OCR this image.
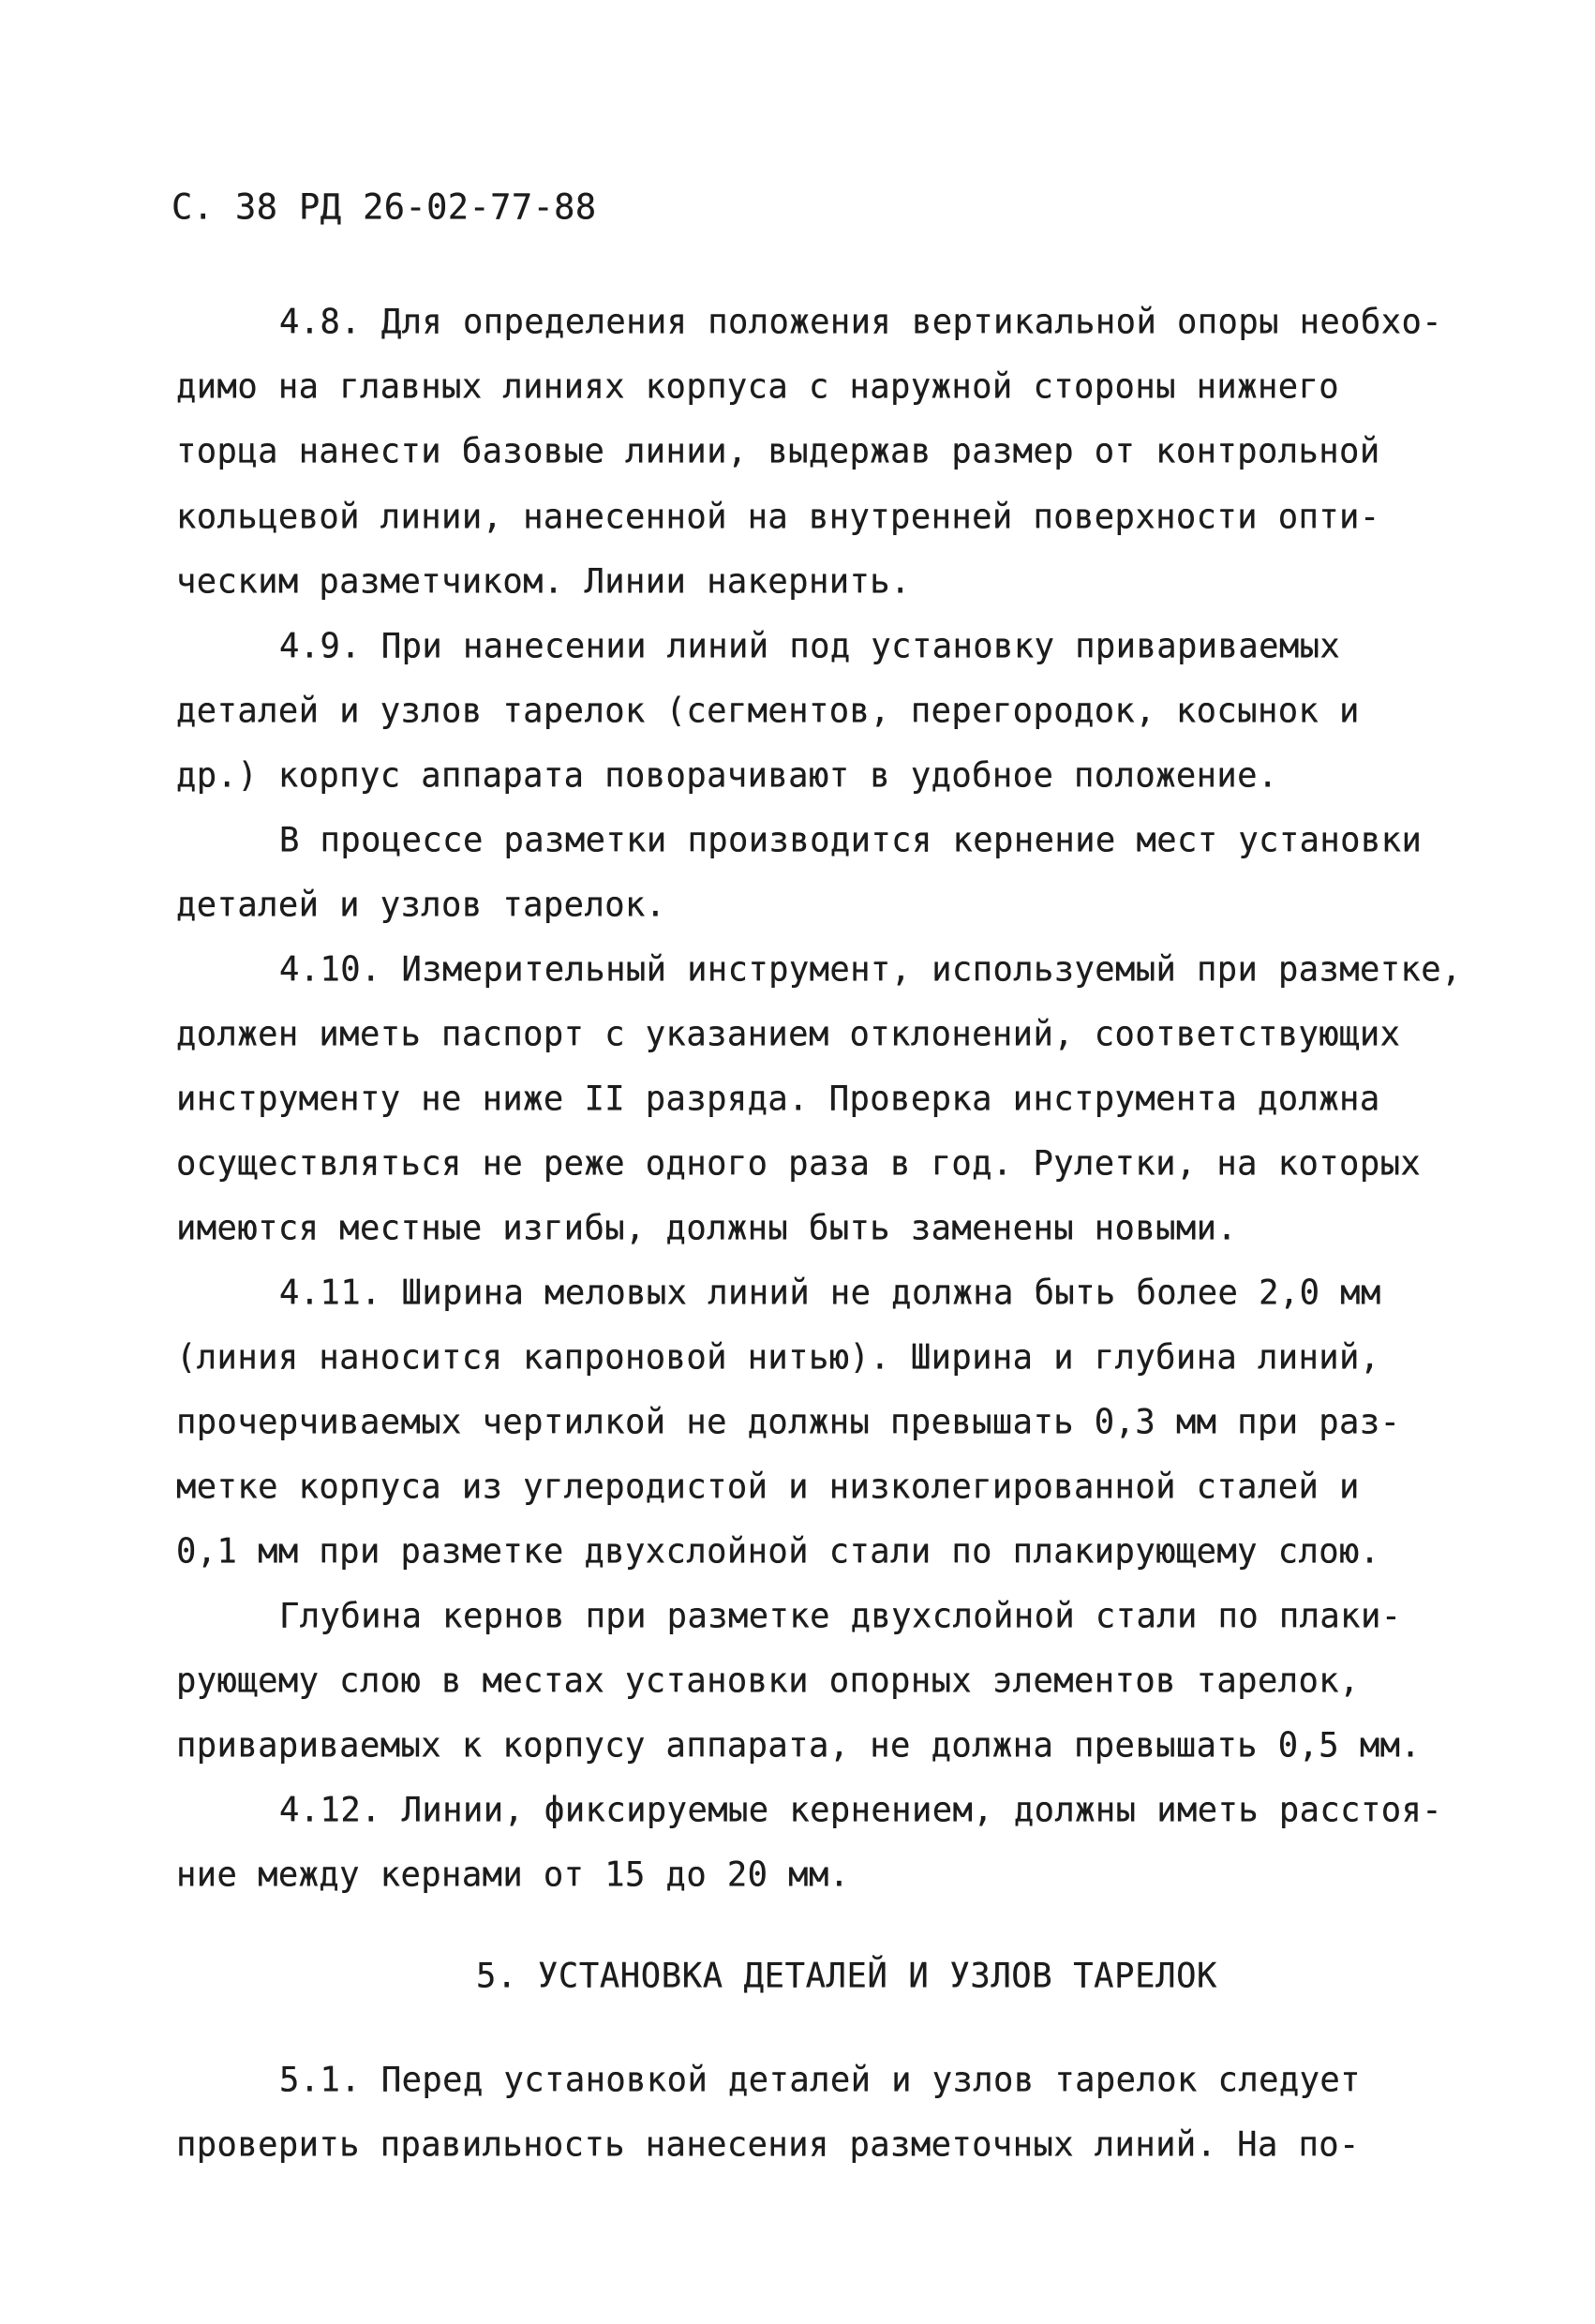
С. 38 РД 26-02-77-88
4.8. Для определения положения вертикальной опоры необхо-
димо на главных линиях корпуса с наружной стороны нижнего
торца нанести базовые линии, выдержав размер от контрольной
кольцевой линии, нанесенной на внутренней поверхности опти-
ческим разметчиком. Линии накернить.
4.9. При нанесении линий под установку привариваемых
деталей и узлов тарелок (сегментов, перегородок, косынок и
др.) корпус аппарата поворачивают в удобное положение.
В процессе разметки производится кернение мест установки
деталей и узлов тарелок.
4.10. Измерительный инструмент, используемый при разметке,
должен иметь паспорт с указанием отклонений, соответствующих
инструменту не ниже II разряда. Проверка инструмента должна
осуществляться не реже одного раза в год. Рулетки, на которых
имеются местные изгибы, должны быть заменены новыми.
4.11. Ширина меловых линий не должна быть более 2,0 мм
(линия наносится капроновой нитью). Ширина и глубина линий,
прочерчиваемых чертилкой не должны превышать 0,3 мм при раз-
метке корпуса из углеродистой и низколегированной сталей и
0,1 мм при разметке двухслойной стали по плакирующему слою.
Глубина кернов при разметке двухслойной стали по плаки-
рующему слою в местах установки опорных элементов тарелок,
привариваемых к корпусу аппарата, не должна превышать 0,5 мм.
4.12. Линии, фиксируемые кернением, должны иметь расстоя-
ние между кернами от 15 до 20 мм.
5. УСТАНОВКА ДЕТАЛЕЙ И УЗЛОВ ТАРЕЛОК
5.1. Перед установкой деталей и узлов тарелок следует
проверить правильность нанесения разметочных линий. На по-
